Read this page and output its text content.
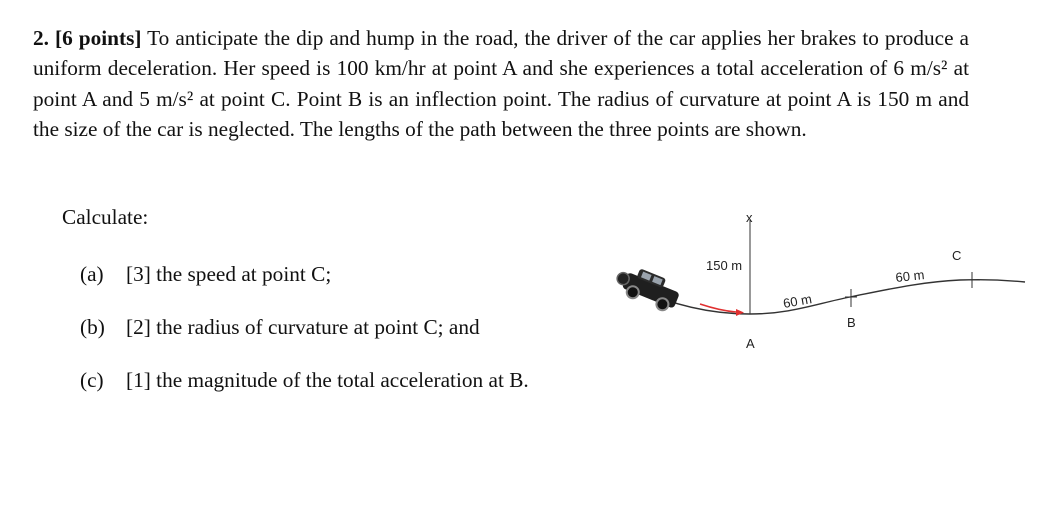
2. [6 points] To anticipate the dip and hump in the road, the driver of the car applies her brakes to produce a uniform deceleration. Her speed is 100 km/hr at point A and she experiences a total acceleration of 6 m/s² at point A and 5 m/s² at point C. Point B is an inflection point. The radius of curvature at point A is 150 m and the size of the car is neglected. The lengths of the path between the three points are shown.
Calculate:
(a) [3] the speed at point C;
(b) [2] the radius of curvature at point C; and
(c) [1] the magnitude of the total acceleration at B.
x
150 m
A
60 m
B
60 m
C
